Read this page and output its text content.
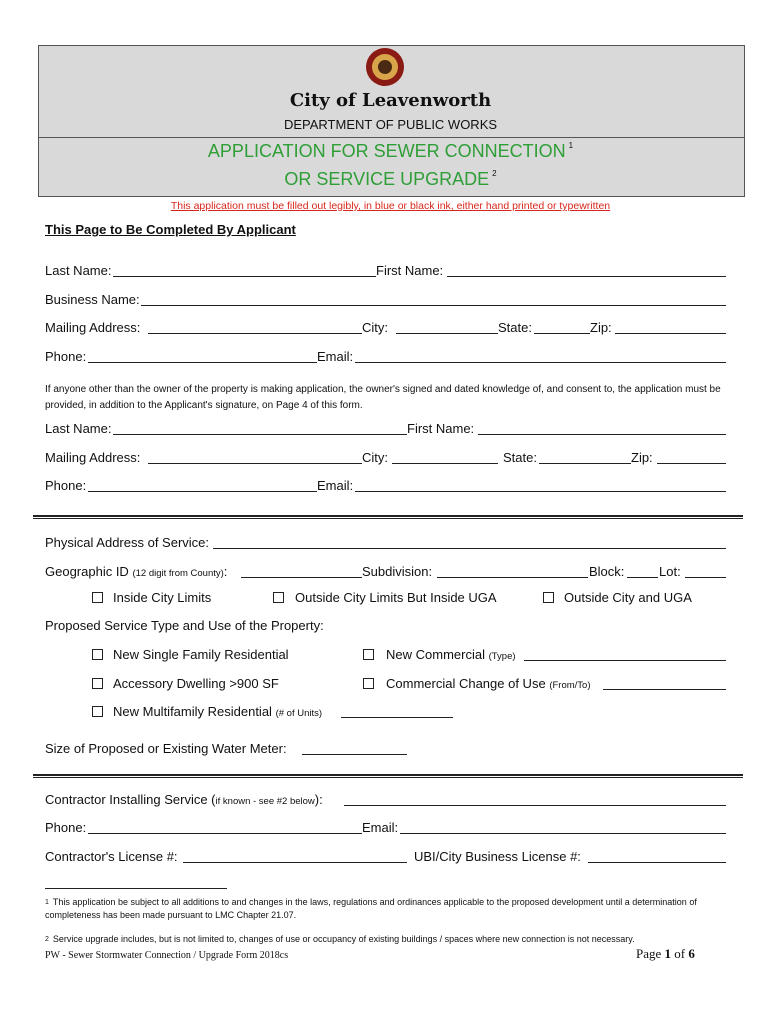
City of Leavenworth
DEPARTMENT OF PUBLIC WORKS
APPLICATION FOR SEWER CONNECTION $^1$
OR SERVICE UPGRADE $^2$
This application must be filled out legibly, in blue or black ink, either hand printed or typewritten
This Page to Be Completed By Applicant
Last Name:	First Name:
Business Name:
Mailing Address:	City:	State:	Zip:
Phone:	Email:
If anyone other than the owner of the property is making application, the owner's signed and dated knowledge of, and consent to, the application must be provided, in addition to the Applicant's signature, on Page 4 of this form.
Last Name:	First Name:
Mailing Address:	City:	State:	Zip:
Phone:	Email:
Physical Address of Service:
Geographic ID (12 digit from County):	Subdivision:	Block:	Lot:
Inside City Limits	Outside City Limits But Inside UGA	Outside City and UGA
Proposed Service Type and Use of the Property:
New Single Family Residential	New Commercial (Type)
Accessory Dwelling >900 SF	Commercial Change of Use (From/To)
New Multifamily Residential (# of Units)
Size of Proposed or Existing Water Meter:
Contractor Installing Service (if known - see #2 below):
Phone:	Email:
Contractor's License #:	UBI/City Business License #:
$^1$ This application be subject to all additions to and changes in the laws, regulations and ordinances applicable to the proposed development until a determination of completeness has been made pursuant to LMC Chapter 21.07.
$^2$ Service upgrade includes, but is not limited to, changes of use or occupancy of existing buildings / spaces where new connection is not necessary.
PW - Sewer Stormwater Connection / Upgrade Form 2018cs	Page 1 of 6
